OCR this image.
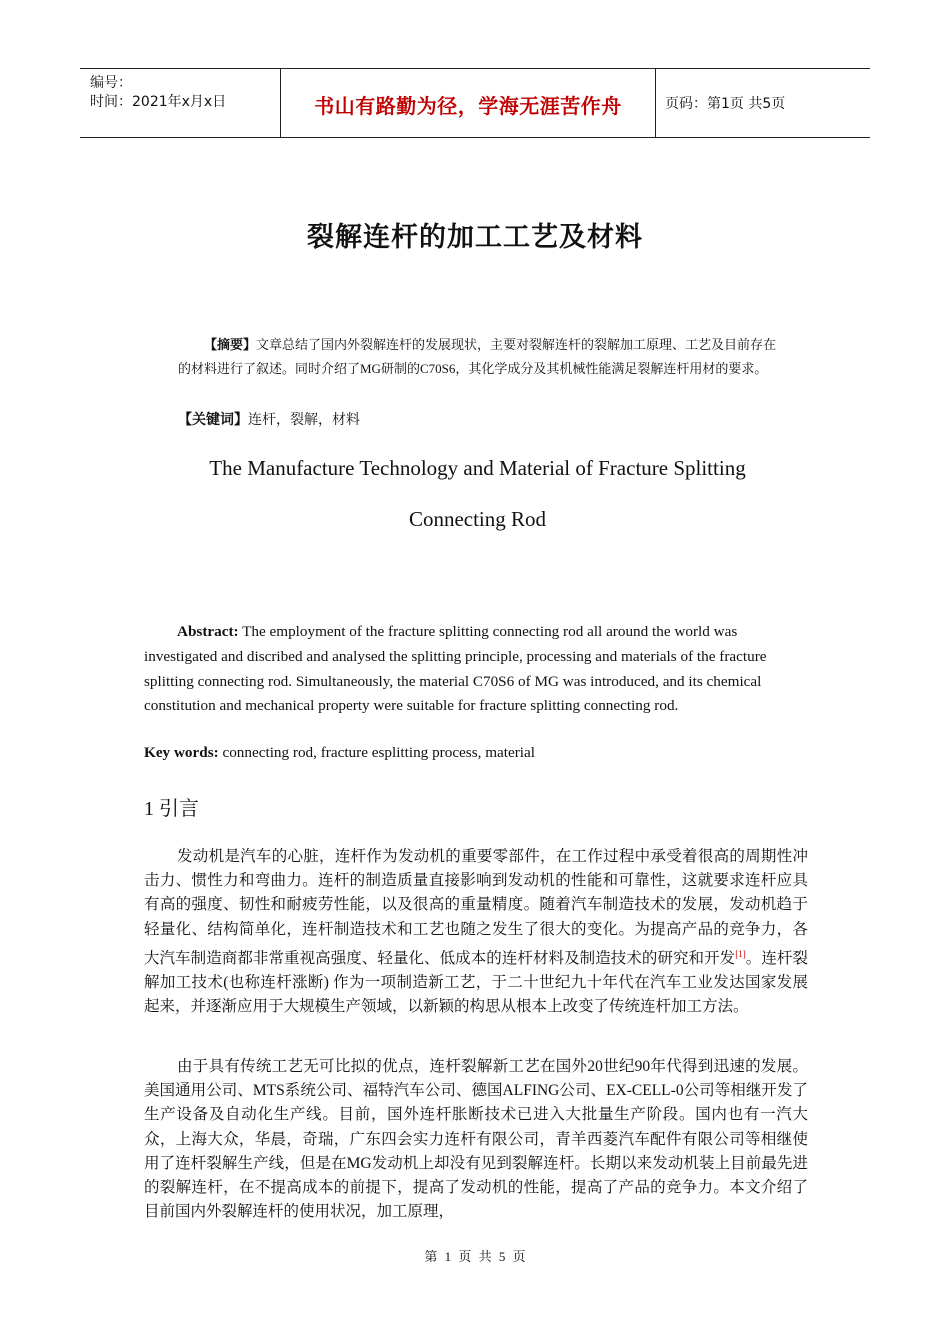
编号：
时间：2021年x月x日	书山有路勤为径，学海无涯苦作舟	页码：第1页 共5页
裂解连杆的加工工艺及材料
【摘要】文章总结了国内外裂解连杆的发展现状，主要对裂解连杆的裂解加工原理、工艺及目前存在的材料进行了叙述。同时介绍了MG研制的C70S6，其化学成分及其机械性能满足裂解连杆用材的要求。
【关键词】连杆，裂解，材料
The Manufacture Technology and Material of Fracture Splitting
Connecting Rod
Abstract: The employment of the fracture splitting connecting rod all around the world was investigated and discribed and analysed the splitting principle, processing and materials of the fracture splitting connecting rod. Simultaneously, the material C70S6 of MG was introduced, and its chemical constitution and mechanical property were suitable for fracture splitting connecting rod.
Key words: connecting rod, fracture esplitting process, material
1 引言
发动机是汽车的心脏，连杆作为发动机的重要零部件，在工作过程中承受着很高的周期性冲击力、惯性力和弯曲力。连杆的制造质量直接影响到发动机的性能和可靠性，这就要求连杆应具有高的强度、韧性和耐疲劳性能，以及很高的重量精度。随着汽车制造技术的发展，发动机趋于轻量化、结构简单化，连杆制造技术和工艺也随之发生了很大的变化。为提高产品的竞争力，各大汽车制造商都非常重视高强度、轻量化、低成本的连杆材料及制造技术的研究和开发[1]。连杆裂解加工技术(也称连杆涨断) 作为一项制造新工艺，于二十世纪九十年代在汽车工业发达国家发展起来，并逐渐应用于大规模生产领域，以新颖的构思从根本上改变了传统连杆加工方法。
由于具有传统工艺无可比拟的优点，连杆裂解新工艺在国外20世纪90年代得到迅速的发展。美国通用公司、MTS系统公司、福特汽车公司、德国ALFING公司、EX-CELL-0公司等相继开发了生产设备及自动化生产线。目前，国外连杆胀断技术已进入大批量生产阶段。国内也有一汽大众，上海大众，华晨，奇瑞，广东四会实力连杆有限公司，青羊西菱汽车配件有限公司等相继使用了连杆裂解生产线，但是在MG发动机上却没有见到裂解连杆。长期以来发动机装上目前最先进的裂解连杆，在不提高成本的前提下，提高了发动机的性能，提高了产品的竞争力。本文介绍了目前国内外裂解连杆的使用状况，加工原理，
第 1 页 共 5 页
